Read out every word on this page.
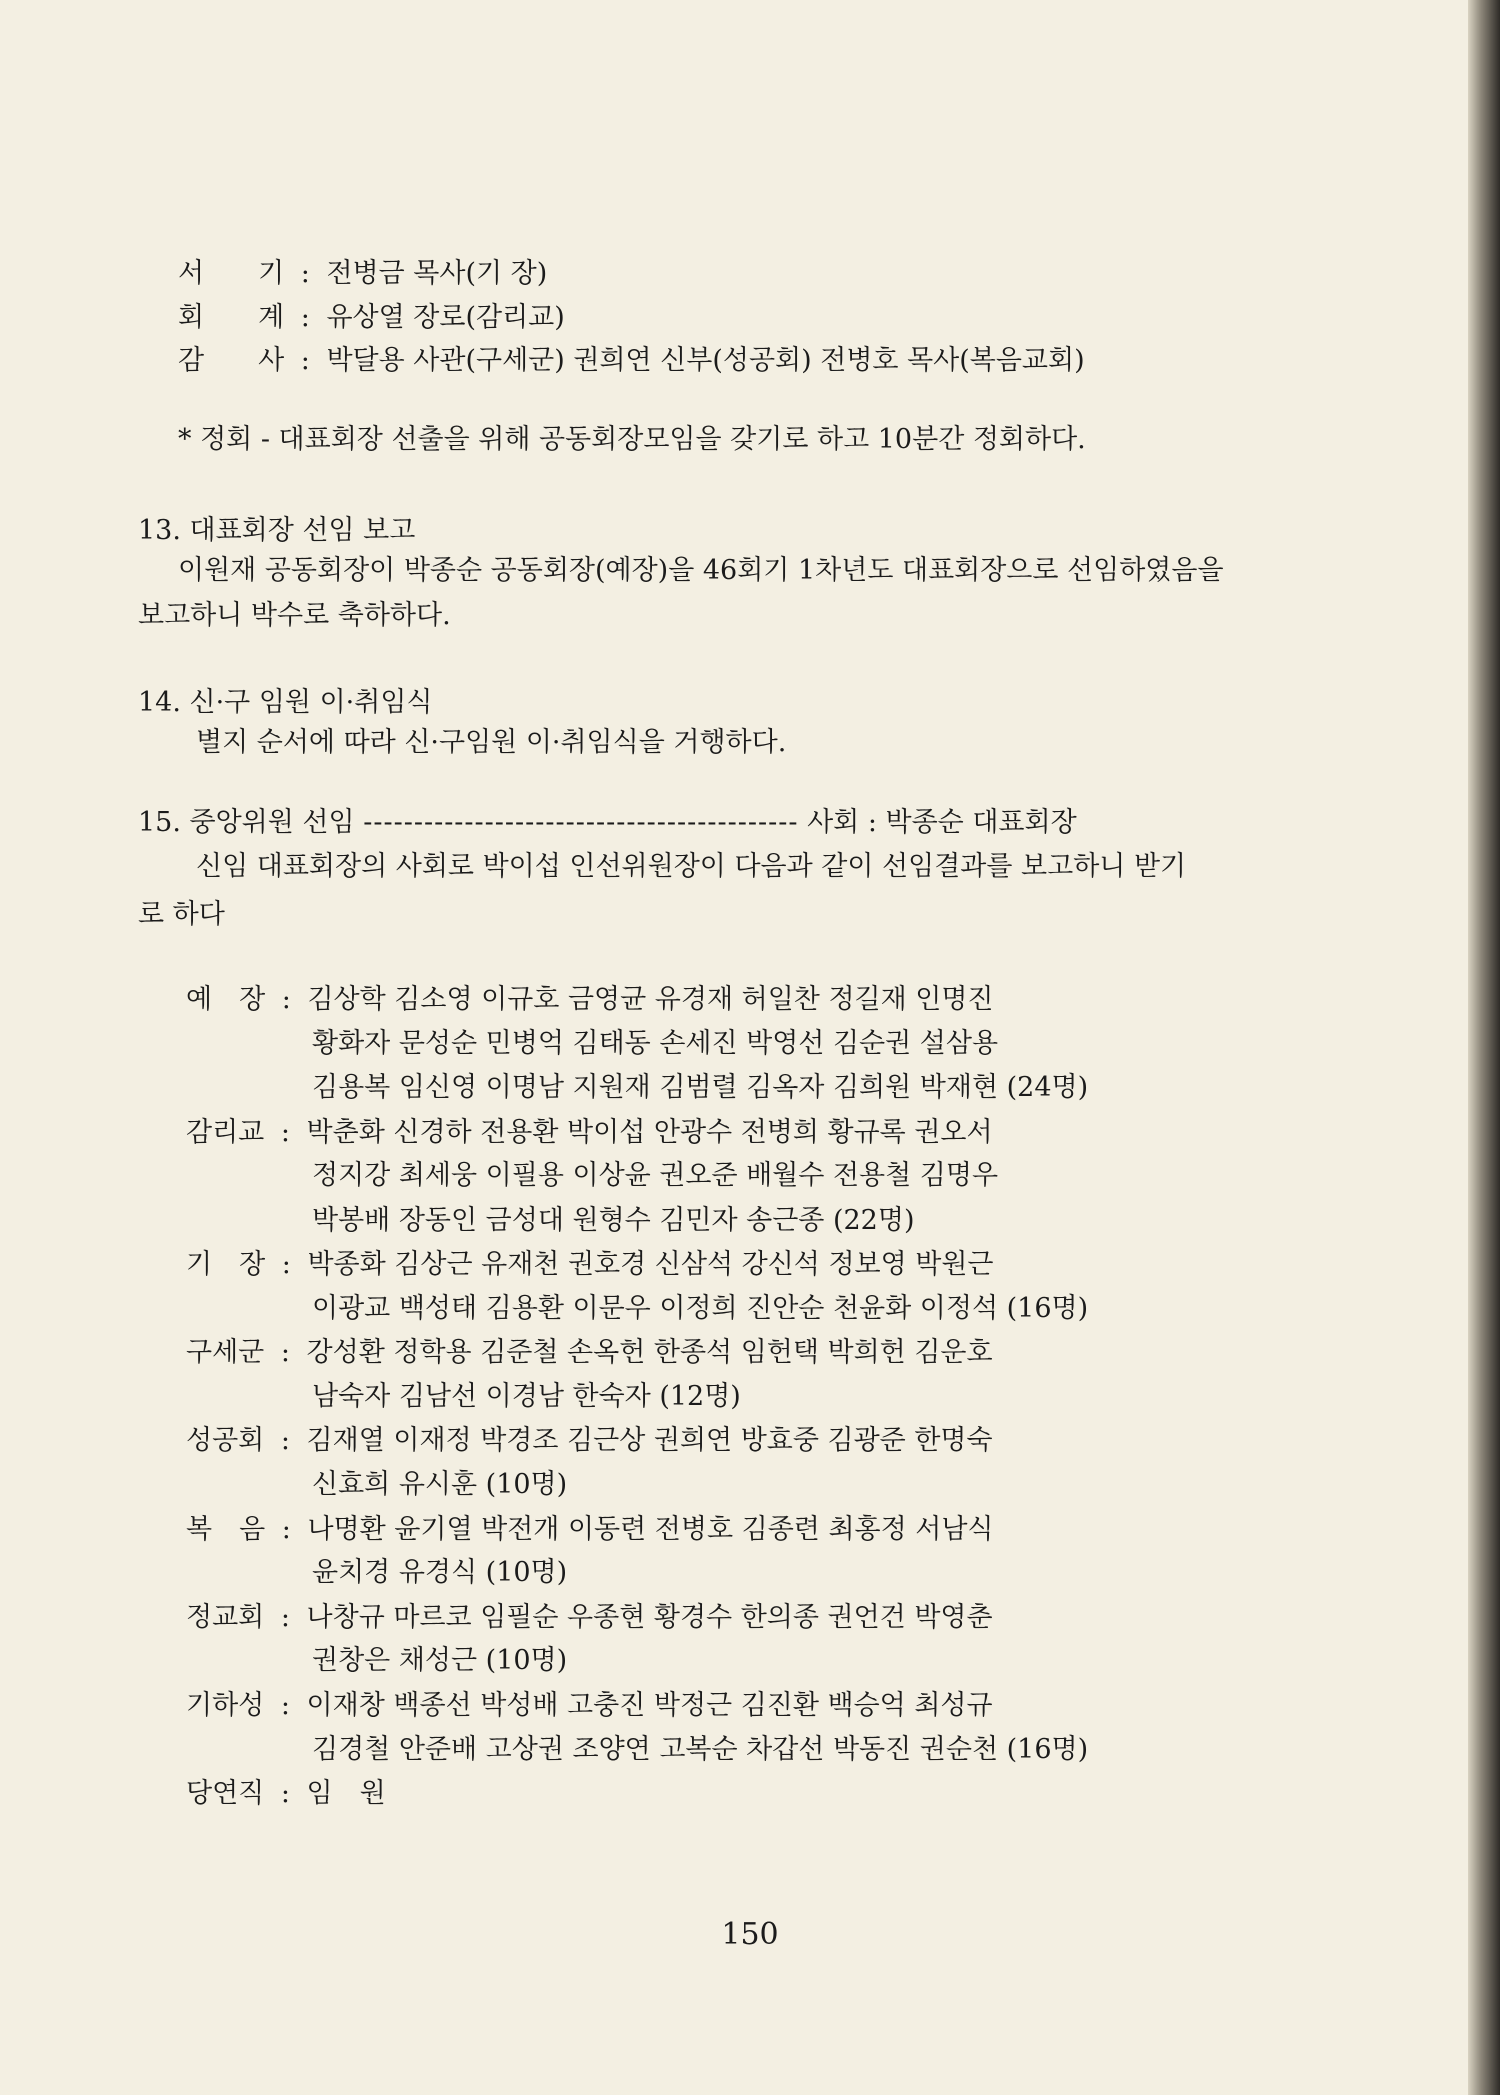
서　　기 : 전병금 목사(기 장)
회　　계 : 유상열 장로(감리교)
감　　사 : 박달용 사관(구세군) 권희연 신부(성공회) 전병호 목사(복음교회)
* 정회 - 대표회장 선출을 위해 공동회장모임을 갖기로 하고 10분간 정회하다.
13. 대표회장 선임 보고
이원재 공동회장이 박종순 공동회장(예장)을 46회기 1차년도 대표회장으로 선임하였음을
보고하니 박수로 축하하다.
14. 신·구 임원 이·취임식
별지 순서에 따라 신·구임원 이·취임식을 거행하다.
15. 중앙위원 선임 ------------------------------------------- 사회 : 박종순 대표회장
신임 대표회장의 사회로 박이섭 인선위원장이 다음과 같이 선임결과를 보고하니 받기
로 하다
예　장 : 김상학 김소영 이규호 금영균 유경재 허일찬 정길재 인명진
황화자 문성순 민병억 김태동 손세진 박영선 김순권 설삼용
김용복 임신영 이명남 지원재 김범렬 김옥자 김희원 박재현 (24명)
감리교 : 박춘화 신경하 전용환 박이섭 안광수 전병희 황규록 권오서
정지강 최세웅 이필용 이상윤 권오준 배월수 전용철 김명우
박봉배 장동인 금성대 원형수 김민자 송근종 (22명)
기　장 : 박종화 김상근 유재천 권호경 신삼석 강신석 정보영 박원근
이광교 백성태 김용환 이문우 이정희 진안순 천윤화 이정석 (16명)
구세군 : 강성환 정학용 김준철 손옥헌 한종석 임헌택 박희헌 김운호
남숙자 김남선 이경남 한숙자 (12명)
성공회 : 김재열 이재정 박경조 김근상 권희연 방효중 김광준 한명숙
신효희 유시훈 (10명)
복　음 : 나명환 윤기열 박전개 이동련 전병호 김종련 최홍정 서남식
윤치경 유경식 (10명)
정교회 : 나창규 마르코 임필순 우종현 황경수 한의종 권언건 박영춘
권창은 채성근 (10명)
기하성 : 이재창 백종선 박성배 고충진 박정근 김진환 백승억 최성규
김경철 안준배 고상권 조양연 고복순 차갑선 박동진 권순천 (16명)
당연직 : 임　원
150
